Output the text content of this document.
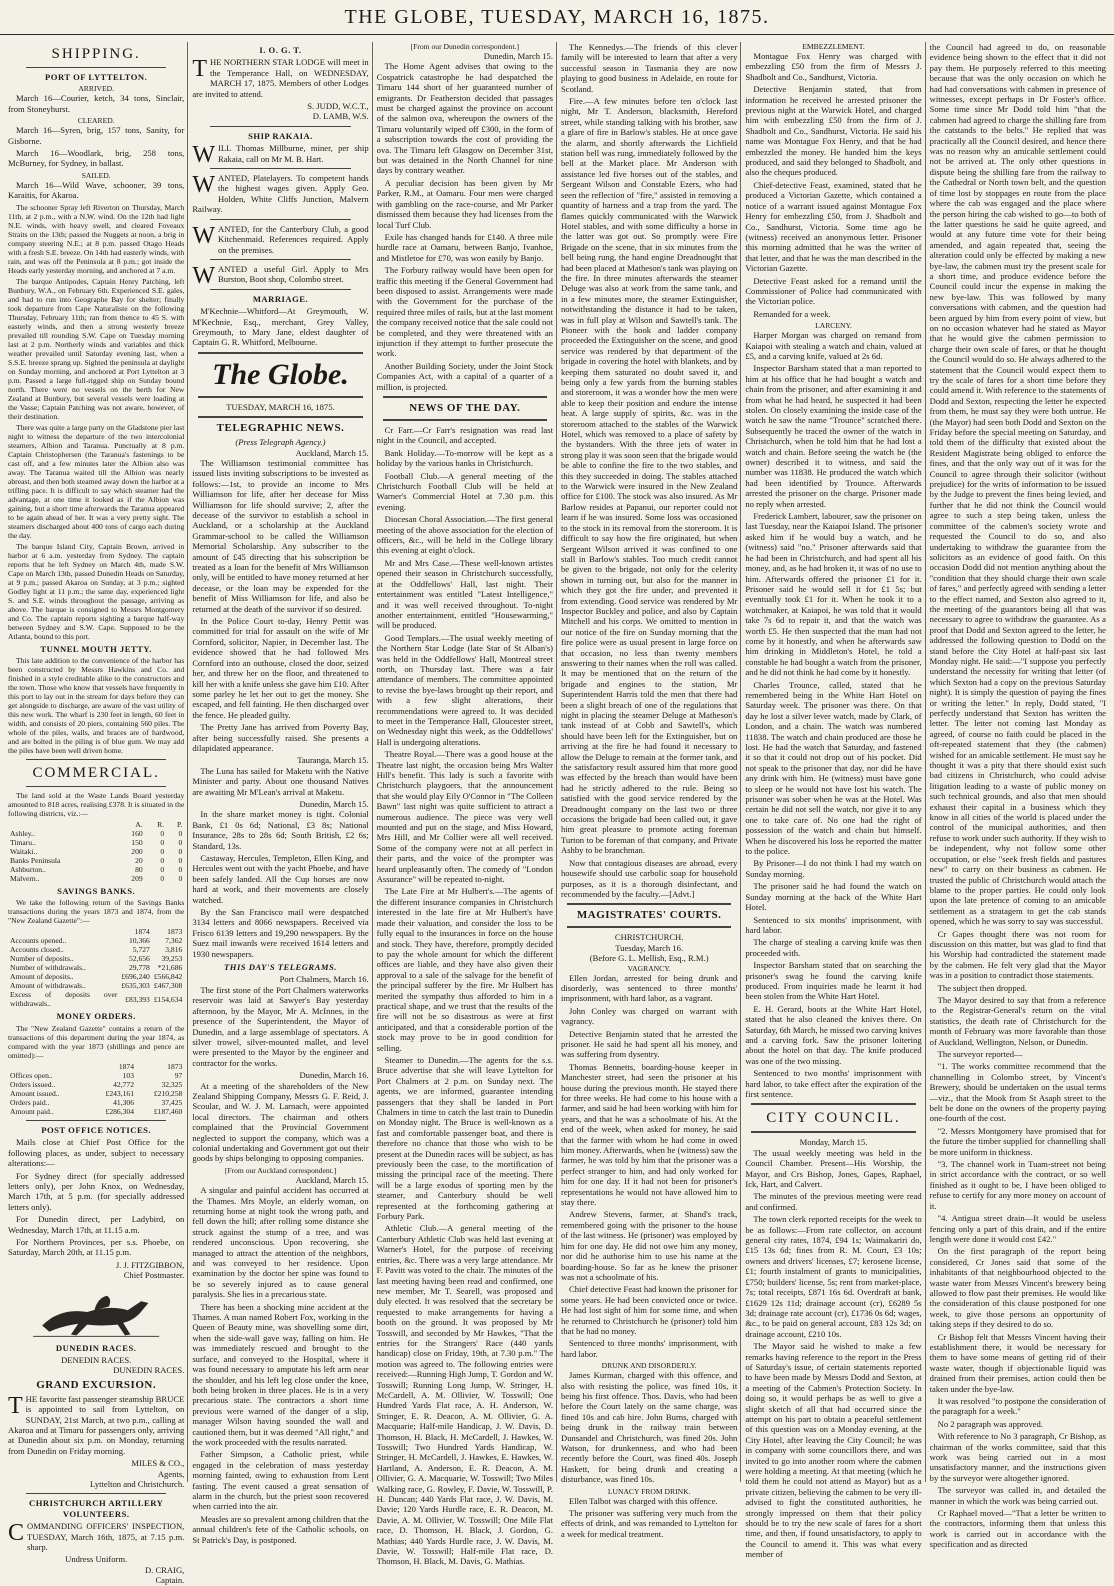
THE GLOBE, TUESDAY, MARCH 16, 1875.
SHIPPING.
PORT OF LYTTELTON.
ARRIVED.

March 16—Courier, ketch, 34 tons, Sinclair, from Stoneyhurst.

CLEARED.

March 16—Syren, brig, 157 tons, Sanity, for Gisborne.

March 16—Woodlark, brig, 258 tons, McBurney, for Sydney, in ballast.

SAILED.

March 16—Wild Wave, schooner, 39 tons, Karaitis, for Akaroa.

The schooner Spray left Riverton on Thursday, March 11th, at 2 p.m., with a N.W. wind. On the 12th had light N.E. winds, with heavy swell, and cleared Foveaux Straits on the 13th; passed the Nuggets at noon, a brig in company steering N.E.; at 8 p.m. passed Otago Heads with a fresh S.E. breeze. On 14th had easterly winds, with rain, and was off the Peninsula at 8 p.m.; got inside the Heads early yesterday morning, and anchored at 7 a.m.

The barque Antipodes, Captain Henry Patching, left Bunbury, W.A., on February 6th. Experienced S.E. gales, and had to run into Geographe Bay for shelter; finally took departure from Cape Naturaliste on the following Thursday, February 11th; ran from thence to 45 S. with easterly winds, and then a strong westerly breeze prevailed till rounding S.W. Cape on Tuesday morning last at 2 p.m. Northerly winds and variables and thick weather prevailed until Saturday evening last, when a S.S.E. breeze sprang up. Sighted the peninsula at daylight on Sunday morning, and anchored at Port Lyttelton at 3 p.m. Passed a large full-rigged ship on Sunday bound north. There were no vessels on the berth for New Zealand at Bunbury, but several vessels were loading at the Vasse; Captain Patching was not aware, however, of their destination.

There was quite a large party on the Gladstone pier last night to witness the departure of the two intercolonial steamers, Albion and Taranua. Punctually at 8 p.m. Captain Christophersen (the Taranua's fastenings to be cast off, and a few minutes later the Albion also was away. The Taranua waited till the Albion was nearly abreast, and then both steamed away down the harbor at a trifling pace. It is difficult to say which steamer had the advantage, at one time it looked as if the Albion was gaining, but a short time afterwards the Taranua appeared to be again ahead of her. It was a very pretty sight. The steamers discharged about 400 tons of cargo each during the day.

The barque Island City, Captain Brown, arrived in harbor at 6 a.m. yesterday from Sydney. The captain reports that he left Sydney on March 4th, made S.W. Cape on March 13th, passed Dunedin Heads on Saturday, at 9 p.m.; passed Akaroa on Sunday, at 3 p.m.; sighted Godley light at 11 p.m.; the same day, experienced light S. and S.E. winds throughout the passage, arriving as above. The barque is consigned to Messrs Montgomery and Co. The captain reports sighting a barque half-way between Sydney and S.W. Cape. Supposed to be the Atlanta, bound to this port.

TUNNEL MOUTH JETTY.

This late addition to the convenience of the harbor has been constructed by Messrs Hawkins and Co. and finished in a style creditable alike to the constructors and the town. Those who know that vessels have frequently in this port to lay out in the stream for days before they can get alongside to discharge, are aware of the vast utility of this new work. The wharf is 230 feet in length, 60 feet in width, and consists of 20 piers, containing 560 piles. The whole of the piles, walls, and braces are of hardwood, and are bolted in the piling is of blue gum. We may add the piles have been well driven home.

COMMERCIAL.

The land sold at the Waste Lands Board yesterday amounted to 818 acres, realising £378. It is situated in the following districts, viz.:—

	A.	R.	P.
Ashley..	160	0	0
Timaru..	150	0	0
Waitaki..	200	0	0
Banks Peninsula	20	0	0
Ashburton..	80	0	0
Malvern..	209	0	0
SAVINGS BANKS.

We take the following return of the Savings Banks transactions during the years 1873 and 1874, from the "New Zealand Gazette":—

	1874	1873
Accounts opened..	10,366	7,362
Accounts closed..	5,727	3,816
Number of deposits..	52,656	39,253
Number of withdrawals..	29,778	*21,686
Amount of deposits..	£696,240	£566,842
Amount of withdrawals..	£635,303	£467,308
Excess of deposits over withdrawals..	£83,393	£154,634
MONEY ORDERS.

The "New Zealand Gazette" contains a return of the transactions of this department during the year 1874, as compared with the year 1873 (shillings and pence are omitted):—

	1874	1873
Offices open..	103	97
Orders issued..	42,772	32,325
Amount issued..	£243,161	£210,258
Orders paid..	41,306	37,425
Amount paid..	£286,304	£187,460
POST OFFICE NOTICES.

Mails close at Chief Post Office for the following places, as under, subject to necessary alterations:—

For Sydney direct (for specially addressed letters only), per John Knox, on Wednesday, March 17th, at 5 p.m. (for specially addressed letters only).

For Dunedin direct, per Ladybird, on Wednesday, March 17th, at 11.15 a.m.

For Northern Provinces, per s.s. Phoebe, on Saturday, March 20th, at 11.15 p.m.

J. J. FITZGIBBON,
Chief Postmaster.
DUNEDIN RACES.
DENEDIN RACES.
DUNEDIN RACES.
GRAND EXCURSION.

THE favorite fast passenger steamship BRUCE is appointed to sail from Lyttelton, on SUNDAY, 21st March, at two p.m., calling at Akaroa and at Timaru for passengers only, arriving at Dunedin about six p.m. on Monday, returning from Dunedin on Friday morning.

MILES & CO.,
Agents,
Lyttelton and Christchurch.
CHRISTCHURCH ARTILLERY VOLUNTEERS.

COMMANDING OFFICERS' INSPECTION, TUESDAY, March 16th, 1875, at 7.15 p.m. sharp.

Undress Uniform.
D. CRAIG,
Captain.
I. O. G. T.

THE NORTHERN STAR LODGE will meet in the Temperance Hall, on WEDNESDAY, MARCH 17, 1875. Members of other Lodges are invited to attend.

S. JUDD, W.C.T.,
D. LAMB, W.S.
SHIP RAKAIA.

WILL Thomas Millburne, miner, per ship Rakaia, call on Mr M. B. Hart.

WANTED, Platelayers. To competent hands the highest wages given. Apply Geo. Holden, White Cliffs Junction, Malvern Railway.

WANTED, for the Canterbury Club, a good Kitchenmaid. References required. Apply on the premises.

WANTED a useful Girl. Apply to Mrs Burston, Boot shop, Colombo street.

MARRIAGE.

M'Kechnie—Whitford—At Greymouth, W. M'Kechnie, Esq., merchant, Grey Valley, Greymouth, to Mary Jane, eldest daughter of Captain G. R. Whitford, Melbourne.

The Globe.
TUESDAY, MARCH 16, 1875.
TELEGRAPHIC NEWS.
(Press Telegraph Agency.)
Auckland, March 15.

The Williamson testimonial committee has issued lists inviting subscriptions to be invested as follows:—1st, to provide an income to Mrs Williamson for life, after her decease for Miss Williamson for life should survive; 2, after the decease of the survivor to establish a school in Auckland, or a scholarship at the Auckland Grammar-school to be called the Williamson Memorial Scholarship. Any subscriber to the amount of £45 directing that his subscription be treated as a loan for the benefit of Mrs Williamson only, will be entitled to have money returned at her decease, or the loan may be expended for the benefit of Miss Williamson for life, and also be returned at the death of the survivor if so desired.

In the Police Court to-day, Henry Pettit was committed for trial for assault on the wife of Mr Cornford, solicitor, Napier, in December last. The evidence showed that he had followed Mrs Cornford into an outhouse, closed the door, seized her, and threw her on the floor, and threatened to kill her with a knife unless she gave him £10. After some parley he let her out to get the money. She escaped, and fell fainting. He then discharged over the fence. He pleaded guilty.

The Pretty Jane has arrived from Poverty Bay, after being successfully raised. She presents a dilapidated appearance.

Tauranga, March 15.

The Luna has sailed for Maketu with the Native Minister and party. About one thousand Natives are awaiting Mr M'Lean's arrival at Maketu.

Dunedin, March 15.

In the share market money is tight. Colonial Bank, £1 0s 6d; National, £3 8s; National Insurance, 28s to 28s 6d; South British, £2 6s; Standard, 13s.

Castaway, Hercules, Templeton, Ellen King, and Hercules went out with the yacht Phoebe, and have been safely landed. All the Cup horses are now hard at work, and their movements are closely watched.

By the San Francisco mail were despatched 3134 letters and 8066 newspapers. Received via Frisco 6139 letters and 19,290 newspapers. By the Suez mail inwards were received 1614 letters and 1930 newspapers.

THIS DAY'S TELEGRAMS.
Port Chalmers, March 16.

The first stone of the Port Chalmers waterworks reservoir was laid at Sawyer's Bay yesterday afternoon, by the Mayor, Mr A. McInnes, in the presence of the Superintendent, the Mayor of Dunedin, and a large assemblage of spectators. A silver trowel, silver-mounted mallet, and level were presented to the Mayor by the engineer and contractor for the works.

Dunedin, March 16.

At a meeting of the shareholders of the New Zealand Shipping Company, Messrs G. F. Reid, J. Scoular, and W. J. M. Larnach, were appointed local directors. The chairman and others complained that the Provincial Government neglected to support the company, which was a colonial undertaking and Government got out their goods by ships belonging to opposing companies.

[From our Auckland correspondent.]
Auckland, March 15.

A singular and painful accident has occurred at the Thames. Mrs Moyle, an elderly woman, on returning home at night took the wrong path, and fell down the hill; after rolling some distance she struck against the stump of a tree, and was rendered unconscious. Upon recovering, she managed to attract the attention of the neighbors, and was conveyed to her residence. Upon examination by the doctor her spine was found to be so severely injured as to cause general paralysis. She lies in a precarious state.

There has been a shocking mine accident at the Thames. A man named Robert Fox, working in the Queen of Beauty mine, was shovelling some dirt, when the side-wall gave way, falling on him. He was immediately rescued and brought to the surface, and conveyed to the Hospital, where it was found necessary to amputate his left arm near the shoulder, and his left leg close under the knee, both being broken in three places. He is in a very precarious state. The contractors a short time previous were warned of the danger of a slip, manager Wilson having sounded the wall and cautioned them, but it was deemed "All right," and the work proceeded with the results narrated.

Father Simpson, a Catholic priest, while engaged in the celebration of mass yesterday morning fainted, owing to exhaustion from Lent fasting. The event caused a great sensation of alarm in the church, but the priest soon recovered when carried into the air.

Measles are so prevalent among children that the annual children's fete of the Catholic schools, on St Patrick's Day, is postponed.

[From our Dunedin correspondent.]
Dunedin, March 15.

The Home Agent advises that owing to the Cospatrick catastrophe he had despatched the Timaru 144 short of her guaranteed number of emigrants. Dr Featherston decided that passages must be charged against the province on account of the salmon ova, whereupon the owners of the Timaru voluntarily wiped off £300, in the form of a subscription towards the cost of providing the ova. The Timaru left Glasgow on December 31st, but was detained in the North Channel for nine days by contrary weather.

A peculiar decision has been given by Mr Parker, R.M., at Oamaru. Four men were charged with gambling on the race-course, and Mr Parker dismissed them because they had licenses from the local Turf Club.

Exile has changed hands for £140. A three mile hurdle race at Oamaru, between Banjo, Ivanhoe, and Mistletoe for £70, was won easily by Banjo.

The Forbury railway would have been open for traffic this meeting if the General Government had been disposed to assist. Arrangements were made with the Government for the purchase of the required three miles of rails, but at the last moment the company received notice that the sale could not be completed, and they were threatened with an injunction if they attempt to further prosecute the work.

Another Building Society, under the Joint Stock Companies Act, with a capital of a quarter of a million, is projected.

NEWS OF THE DAY.

Cr Farr.—Cr Farr's resignation was read last night in the Council, and accepted.

Bank Holiday.—To-morrow will be kept as a holiday by the various banks in Christchurch.

Football Club.—A general meeting of the Christchurch Football Club will be held at Warner's Commercial Hotel at 7.30 p.m. this evening.

Diocesan Choral Association.—The first general meeting of the above association for the election of officers, &c., will be held in the College library this evening at eight o'clock.

Mr and Mrs Case.—These well-known artistes opened their season in Christchurch successfully, at the Oddfellows' Hall, last night. Their entertainment was entitled "Latest Intelligence," and it was well received throughout. To-night another entertainment, entitled "Housewarming," will be produced.

Good Templars.—The usual weekly meeting of the Northern Star Lodge (late Star of St Alban's) was held in the Oddfellows' Hall, Montreal street north, on Thursday last. There was a fair attendance of members. The committee appointed to revise the bye-laws brought up their report, and with a few slight alterations, their recommendations were agreed to. It was decided to meet in the Temperance Hall, Gloucester street, on Wednesday night this week, as the Oddfellows' Hall is undergoing alterations.

Theatre Royal.—There was a good house at the Theatre last night, the occasion being Mrs Walter Hill's benefit. This lady is such a favorite with Christchurch playgoers, that the announcement that she would play Eily O'Connor in "The Colleen Bawn" last night was quite sufficient to attract a numerous audience. The piece was very well mounted and put on the stage, and Miss Howard, Mrs Hill, and Mr Collier were all well received. Some of the company were not at all perfect in their parts, and the voice of the prompter was heard unpleasantly often. The comedy of "London Assurance" will be repeated to-night.

The Late Fire at Mr Hulbert's.—The agents of the different insurance companies in Christchurch interested in the late fire at Mr Hulbert's have made their valuation, and consider the loss to be fully equal to the insurances in force on the house and stock. They have, therefore, promptly decided to pay the whole amount for which the different offices are liable, and they have also given their approval to a sale of the salvage for the benefit of the principal sufferer by the fire. Mr Hulbert has merited the sympathy thus afforded to him in a practical shape, and we trust that the results of the fire will not be so disastrous as were at first anticipated, and that a considerable portion of the stock may prove to be in good condition for selling.

Steamer to Dunedin.—The agents for the s.s. Bruce advertise that she will leave Lyttelton for Port Chalmers at 2 p.m. on Sunday next. The agents, we are informed, guarantee intending passengers that they shall be landed in Port Chalmers in time to catch the last train to Dunedin on Monday night. The Bruce is well-known as a fast and comfortable passenger boat, and there is therefore no chance that those who wish to be present at the Dunedin races will be subject, as has previously been the case, to the mortification of missing the principal race of the meeting. There will be a large exodus of sporting men by the steamer, and Canterbury should be well represented at the forthcoming gathering at Forbury Park.

Athletic Club.—A general meeting of the Canterbury Athletic Club was held last evening at Warner's Hotel, for the purpose of receiving entries, &c. There was a very large attendance. Mr F. Pavitt was voted to the chair. The minutes of the last meeting having been read and confirmed, one new member, Mr T. Searell, was proposed and duly elected. It was resolved that the secretary be requested to make arrangements for having a booth on the ground. It was proposed by Mr Tosswill, and seconded by Mr Hawkes, "That the entries for the Strangers' Race (440 yards handicap) close on Friday, 19th, at 7.30 p.m." The motion was agreed to. The following entries were received:—Running High Jump, T. Gordon and W. Tosswill; Running Long Jump, W. Stringer, H. McCardell, A. M. Ollivier, W. Tosswill; One Hundred Yards Flat race, A. H. Anderson, W. Stringer, E. R. Deacon, A. M. Ollivier, G. A. Macquarie; Half-mile Handicap, J. W. Davis, D. Thomson, H. Black, H. McCardell, J. Hawkes, W. Tosswill; Two Hundred Yards Handicap, W. Stringer, H. McCardell, J. Hawkes, E. Hawkes, W. Hartland, A. Anderson, E. R. Deacon, A. M. Ollivier, G. A. Macquarie, W. Tosswill; Two Miles Walking race, G. Rowley, F. Davie, W. Tosswill, P. H. Duncan; 440 Yards Flat race, J. W. Davis, M. Davie; 120 Yards Hurdle race, E. R. Deacon, M. Davie, A. M. Ollivier, W. Tosswill; One Mile Flat race, D. Thomson, H. Black, J. Gordon, G. Mathias; 440 Yards Hurdle race, J. W. Davis, M. Davie, W. Tosswill; Half-mile Flat race, D. Thomson, H. Black, M. Davis, G. Mathias.

The Kennedys.—The friends of this clever family will be interested to learn that after a very successful season in Tasmania they are now playing to good business in Adelaide, en route for Scotland.

Fire.—A few minutes before ten o'clock last night, Mr T. Anderson, blacksmith, Hereford street, while standing talking with his brother, saw a glare of fire in Barlow's stables. He at once gave the alarm, and shortly afterwards the Lichfield station bell was rung, immediately followed by the bell at the Market place. Mr Anderson with assistance led five horses out of the stables, and Sergeant Wilson and Constable Ezers, who had seen the reflection of "fire," assisted in removing a quantity of harness and a trap from the yard. The flames quickly communicated with the Warwick Hotel stables, and with some difficulty a horse in the latter was got out. So promptly were Fire Brigade on the scene, that in six minutes from the bell being rung, the hand engine Dreadnought that had been placed at Matheson's tank was playing on the fire. In three minutes afterwards the steamer Deluge was also at work from the same tank, and in a few minutes more, the steamer Extinguisher, notwithstanding the distance it had to be taken, was in full play at Wilson and Sawtell's tank. The Pioneer with the hook and ladder company proceeded the Extinguisher on the scene, and good service was rendered by that department of the brigade in covering the hotel with blankets, and by keeping them saturated no doubt saved it, and being only a few yards from the burning stables and storeroom, it was a wonder how the men were able to keep their position and endure the intense heat. A large supply of spirits, &c. was in the storeroom attached to the stables of the Warwick Hotel, which was removed to a place of safety by the bystanders. With the three jets of water in strong play it was soon seen that the brigade would be able to confine the fire to the two stables, and this they succeeded in doing. The stables attached to the Warwick were insured in the New Zealand office for £100. The stock was also insured. As Mr Barlow resides at Papanui, our reporter could not learn if he was insured. Some loss was occasioned to the stock in its removal from the storeroom. It is difficult to say how the fire originated, but when Sergeant Wilson arrived it was confined to one stall in Barlow's stables. Too much credit cannot be given to the brigade, not only for the celerity shown in turning out, but also for the manner in which they got the fire under, and prevented it from extending. Good service was rendered by Mr Inspector Buckley and police, and also by Captain Mitchell and his corps. We omitted to mention in our notice of the fire on Sunday morning that the fire police were as usual present in large force on that occasion, no less than twenty members answering to their names when the roll was called. It may be mentioned that on the return of the brigade and engines to the station, Mr Superintendent Harris told the men that there had been a slight breach of one of the regulations that night in placing the steamer Deluge at Matheson's tank instead of at Cobb and Sawtell's, which should have been left for the Extinguisher, but on arriving at the fire he had found it necessary to allow the Deluge to remain at the former tank, and the satisfactory result assured him that more good was effected by the breach than would have been had he strictly adhered to the rule. Being so satisfied with the good service rendered by the Dreadnought company on the last two or three occasions the brigade had been called out, it gave him great pleasure to promote acting foreman Turton to be foreman of that company, and Private Ashby to be branchman.

Now that contagious diseases are abroad, every housewife should use carbolic soap for household purposes, as it is a thorough disinfectant, and recommended by the faculty.—[Advt.]

MAGISTRATES' COURTS.
CHRISTCHURCH.
Tuesday, March 16.
(Before G. L. Mellish, Esq., R.M.)
VAGRANCY.

Ellen Jordan, arrested for being drunk and disorderly, was sentenced to three months' imprisonment, with hard labor, as a vagrant.

John Conley was charged on warrant with vagrancy.

Detective Benjamin stated that he arrested the prisoner. He said he had spent all his money, and was suffering from dysentry.

Thomas Bennetts, boarding-house keeper in Manchester street, had seen the prisoner at his house during the previous month. He stayed there for three weeks. He had come to his house with a farmer, and said he had been working with him for years, and that he was a schoolmate of his. At the end of the week, when asked for money, he said that the farmer with whom he had come in owed him money. Afterwards, when he (witness) saw the farmer, he was told by him that the prisoner was a perfect stranger to him, and had only worked for him for one day. If it had not been for prisoner's representations he would not have allowed him to stay there.

Andrew Stevens, farmer, at Shand's track, remembered going with the prisoner to the house of the last witness. He (prisoner) was employed by him for one day. He did not owe him any money, nor did he authorise him to use his name at the boarding-house. So far as he knew the prisoner was not a schoolmate of his.

Chief detective Feast had known the prisoner for some years. He had been convicted once or twice. He had lost sight of him for some time, and when he returned to Christchurch he (prisoner) told him that he had no money.

Sentenced to three months' imprisonment, with hard labor.

DRUNK AND DISORDERLY.

James Kurman, charged with this offence, and also with resisting the police, was fined 10s, it being his first offence. Thos. Davis, who had been before the Court lately on the same charge, was fined 10s and cab hire. John Burns, charged with being drunk in the railway train between Dunsandel and Christchurch, was fined 20s. John Watson, for drunkenness, and who had been recently before the Court, was fined 40s. Joseph Haskett, for being drunk and creating a disturbance, was fined 10s.

LUNACY FROM DRINK.

Ellen Talbot was charged with this offence.

The prisoner was suffering very much from the effects of drink, and was remanded to Lyttelton for a week for medical treatment.

EMBEZZLEMENT.

Montague Fox Henry was charged with embezzling £50 from the firm of Messrs J. Shadbolt and Co., Sandhurst, Victoria.

Detective Benjamin stated, that from information he received he arrested prisoner the previous night at the Warwick Hotel, and charged him with embezzling £50 from the firm of J. Shadbolt and Co., Sandhurst, Victoria. He said his name was Montague Fox Henry, and that he had embezzled the money. He handed him the keys produced, and said they belonged to Shadbolt, and also the cheques produced.

Chief-detective Feast, examined, stated that he produced a Victorian Gazette, which contained a notice of a warrant issued against Montague Fox Henry for embezzling £50, from J. Shadbolt and Co., Sandhurst, Victoria. Some time ago he (witness) received an anonymous letter. Prisoner this morning admitted that he was the writer of that letter, and that he was the man described in the Victorian Gazette.

Detective Feast asked for a remand until the Commissioner of Police had communicated with the Victorian police.

Remanded for a week.

LARCENY.

Harper Morgan was charged on remand from Kaiapoi with stealing a watch and chain, valued at £5, and a carving knife, valued at 2s 6d.

Inspector Barsham stated that a man reported to him at his office that he had bought a watch and chain from the prisoner, and after examining it and from what he had heard, he suspected it had been stolen. On closely examining the inside case of the watch he saw the name "Trounce" scratched there. Subsequently he traced the owner of the watch in Christchurch, when he told him that he had lost a watch and chain. Before seeing the watch he (the owner) described it to witness, and said the number was 11838. He produced the watch which had been identified by Trounce. Afterwards arrested the prisoner on the charge. Prisoner made no reply when arrested.

Frederick Lambert, labourer, saw the prisoner on last Tuesday, near the Kaiapoi Island. The prisoner asked him if he would buy a watch, and he (witness) said "no." Prisoner afterwards said that he had been in Christchurch, and had spent all his money, and, as he had broken it, it was of no use to him. Afterwards offered the prisoner £1 for it. Prisoner said he would sell it for £1 5s; but eventually took £1 for it. When he took it to a watchmaker, at Kaiapoi, he was told that it would take 7s 6d to repair it, and that the watch was worth £5. He then suspected that the man had not come by it honestly, and when he afterwards saw him drinking in Middleton's Hotel, he told a constable he had bought a watch from the prisoner, and he did not think he had come by it honestly.

Charles Trounce, called, stated that he remembered being in the White Hart Hotel on Saturday week. The prisoner was there. On that day he lost a silver lever watch, made by Clark, of London, and a chain. The watch was numbered 11838. The watch and chain produced are those he lost. He had the watch that Saturday, and fastened it so that it could not drop out of his pocket. Did not speak to the prisoner that day, nor did he have any drink with him. He (witness) must have gone to sleep or he would not have lost his watch. The prisoner was sober when he was at the Hotel. Was certain he did not sell the watch, nor give it to any one to take care of. No one had the right of possession of the watch and chain but himself. When he discovered his loss he reported the matter to the police.

By Prisoner—I do not think I had my watch on Sunday morning.

The prisoner said he had found the watch on Sunday morning at the back of the White Hart Hotel.

Sentenced to six months' imprisonment, with hard labor.

The charge of stealing a carving knife was then proceeded with.

Inspector Barsham stated that on searching the prisoner's swag he found the carving knife produced. From inquiries made he learnt it had been stolen from the White Hart Hotel.

E. H. Gerard, boots at the White Hart Hotel, stated that he also cleaned the knives there. On Saturday, 6th March, he missed two carving knives and a carving fork. Saw the prisoner loitering about the hotel on that day. The knife produced was one of the two missing.

Sentenced to two months' imprisonment with hard labor, to take effect after the expiration of the first sentence.

CITY COUNCIL.
Monday, March 15.

The usual weekly meeting was held in the Council Chamber. Present—His Worship, the Mayor, and Crs Bishop, Jones, Gapes, Raphael, Ick, Hart, and Calvert.

The minutes of the previous meeting were read and confirmed.

The town clerk reported receipts for the week to be as follows:—From rate collector, on account general city rates, 1874, £94 1s; Waimakariri do, £15 13s 6d; fines from R. M. Court, £3 10s; owners and drivers' licenses, £7; kerosene license, £1; fourth instalment of grants to municipalities, £750; builders' license, 5s; rent from market-place, 7s; total receipts, £871 16s 6d. Overdraft at bank, £1629 12s 11d; drainage account (cr), £6289 5s 3d; drainage rate account (cr), £1736 0s 6d; wages, &c., to be paid on general account, £83 12s 3d; on drainage account, £210 10s.

The Mayor said he wished to make a few remarks having reference to the report in the Press of Saturday's issue, of certain statements reported to have been made by Messrs Dodd and Sexton, at a meeting of the Cabmen's Protection Society. In doing so, it would perhaps be as well to give a slight sketch of all that had occurred since the attempt on his part to obtain a peaceful settlement of this question was on a Monday evening, at the City Hotel, after leaving the City Council; he was in company with some councillors there, and was invited to go into another room where the cabmen were holding a meeting. At that meeting (which he told them he could not attend as Mayor) but as a private citizen, believing the cabmen to be very ill-advised to fight the constituted authorities, he strongly impressed on them that their policy should be to try the new scale of fares for a short time, and then, if found unsatisfactory, to apply to the Council to amend it. This was what every member of

the Council had agreed to do, on reasonable evidence being shown to the effect that it did not pay them. He purposely referred to this meeting because that was the only occasion on which he had had conversations with cabmen in presence of witnesses, except perhaps in Dr Foster's office. Some time since Mr Dodd told him "that the cabmen had agreed to charge the shilling fare from the catstands to the belts." He replied that was practically all the Council desired, and hence there was no reason why an amicable settlement could not be arrived at. The only other questions in dispute being the shilling fare from the railway to the Cathedral or North town belt, and the question of time lost by stoppages en route from the place where the cab was engaged and the place where the person hiring the cab wished to go—to both of the latter questions he said he quite agreed, and would at any future time vote for their being amended, and again repeated that, seeing the alteration could only be effected by making a new bye-law, the cabmen must try the present scale for a short time, and produce evidence before the Council could incur the expense in making the new bye-law. This was followed by many conversations with cabmen, and the question had been argued by him from every point of view, but on no occasion whatever had he stated as Mayor that he would give the cabmen permission to charge their own scale of fares, or that he thought the Council would do so. He always adhered to the statement that the Council would expect them to try the scale of fares for a short time before they could amend it. With reference to the statements of Dodd and Sexton, respecting the letter he expected from them, he must say they were both untrue. He (the Mayor) had seen both Dodd and Sexton on the Friday before the special meeting on Saturday, and told them of the difficulty that existed about the Resident Magistrate being obliged to enforce the fines, and that the only way out of it was for the Council to agree through their solicitor (without prejudice) for the writs of information to be issued by the Judge to prevent the fines being levied, and further that he did not think the Council would agree to such a step being taken, unless the committee of the cabmen's society wrote and requested the Council to do so, and also undertaking to withdraw the guarantee from the solicitors as an evidence of good faith. On this occasion Dodd did not mention anything about the "condition that they should charge their own scale of fares," and perfectly agreed with sending a letter to the effect named, and Sexton also agreed to it, the meeting of the guarantors being all that was necessary to agree to withdraw the guarantee. As a proof that Dodd and Sexton agreed to the letter, he addressed the following question to Dodd on the stand before the City Hotel at half-past six last Monday night. He said:—"I suppose you perfectly understand the necessity for writing that letter (of which Sexton had a copy on the previous Saturday night). It is simply the question of paying the fines or writing the letter." In reply, Dodd stated, "I perfectly understand that Sexton has written the letter. The letter not coming last Monday as agreed, of course no faith could be placed in the oft-repeated statement that they (the cabmen) wished for an amicable settlement. He must say he thought it was a pity that there should exist such bad citizens in Christchurch, who could advise litigation leading to a waste of public money on such technical grounds, and also that men should exhaust their capital in a business which they know in all cities of the world is placed under the control of the municipal authorities, and then refuse to work under such authority. If they wish to be independent, why not follow some other occupation, or else "seek fresh fields and pastures new" to carry on their business as cabmen. He trusted the public of Christchurch would attach the blame to the proper parties. He could only look upon the late pretence of coming to an amicable settlement as a stratagem to get the cab stands opened, which he was sorry to say was successful.

Cr Gapes thought there was not room for discussion on this matter, but was glad to find that his Worship had contradicted the statement made by the cabmen. He felt very glad that the Mayor was in a position to contradict those statements.

The subject then dropped.

The Mayor desired to say that from a reference to the Registrar-General's return on the vital statistics, the death rate of Christchurch for the month of February was more favorable than those of Auckland, Wellington, Nelson, or Dunedin.

The surveyor reported—

"1. The works committee recommend that the channelling in Colombo street, by Vincent's Brewery, should be undertaken on the usual terms—viz., that the Mook from St Asaph street to the belt be done on the owners of the property paying one-fourth of the cost.

"2. Messrs Montgomery have promised that for the future the timber supplied for channelling shall be more uniform in thickness.

"3. The channel work in Tuam-street not being in strict accordance with the contract, or so well finished as it ought to be, I have been obliged to refuse to certify for any more money on account of it.

"4. Antigua street drain—It would be useless fencing only a part of this drain, and if the entire length were done it would cost £42."

On the first paragraph of the report being considered, Cr Jones said that some of the inhabitants of that neighbourhood objected to the waste water from Messrs Vincent's brewery being allowed to flow past their premises. He would like the consideration of this clause postponed for one week, to give those persons an opportunity of taking steps if they desired to do so.

Cr Bishop felt that Messrs Vincent having their establishment there, it would be necessary for them to have some means of getting rid of their waste water, though if objectionable liquid was drained from their premises, action could then be taken under the bye-law.

It was resolved "to postpone the consideration of the paragraph for a week."

No 2 paragraph was approved.

With reference to No 3 paragraph, Cr Bishop, as chairman of the works committee, said that this work was being carried out in a most unsatisfactory manner, and the instructions given by the surveyor were altogether ignored.

The surveyor was called in, and detailed the manner in which the work was being carried out.

Cr Raphael moved—"That a letter be written to the contractors, informing them that unless this work is carried out in accordance with the specification and as directed
